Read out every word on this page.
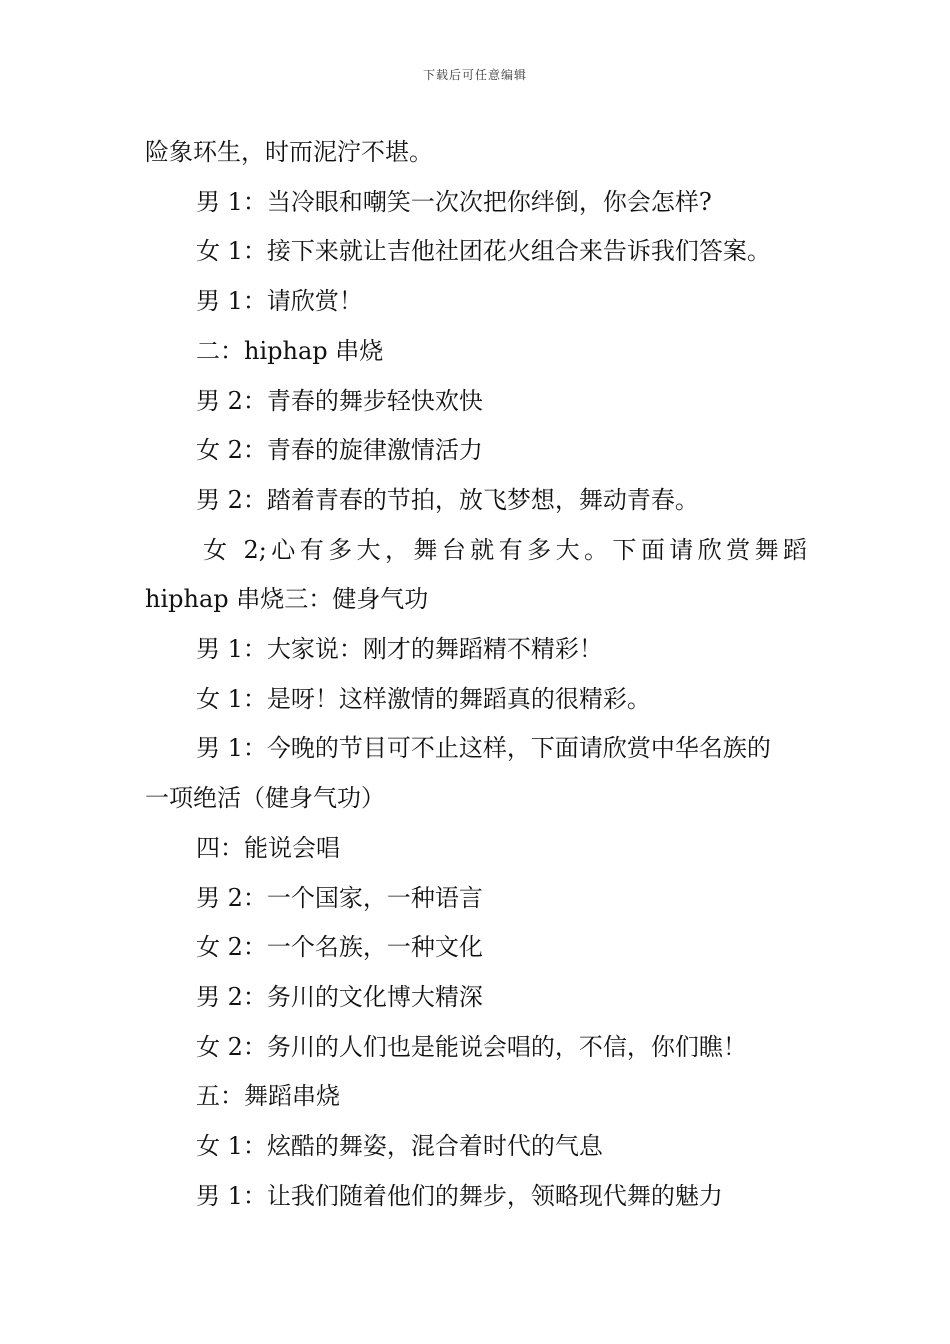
下载后可任意编辑

险象环生，时而泥泞不堪。

男 1：当冷眼和嘲笑一次次把你绊倒，你会怎样?

女 1：接下来就让吉他社团花火组合来告诉我们答案。

男 1：请欣赏！

二：hiphap 串烧

男 2：青春的舞步轻快欢快

女 2：青春的旋律激情活力

男 2：踏着青春的节拍，放飞梦想，舞动青春。

女 2;心有多大，舞台就有多大。下面请欣赏舞蹈

hiphap 串烧三：健身气功

男 1：大家说：刚才的舞蹈精不精彩！

女 1：是呀！这样激情的舞蹈真的很精彩。

男 1：今晚的节目可不止这样，下面请欣赏中华名族的

一项绝活（健身气功）

四：能说会唱

男 2：一个国家，一种语言

女 2：一个名族，一种文化

男 2：务川的文化博大精深

女 2：务川的人们也是能说会唱的，不信，你们瞧！

五：舞蹈串烧

女 1：炫酷的舞姿，混合着时代的气息

男 1：让我们随着他们的舞步，领略现代舞的魅力
